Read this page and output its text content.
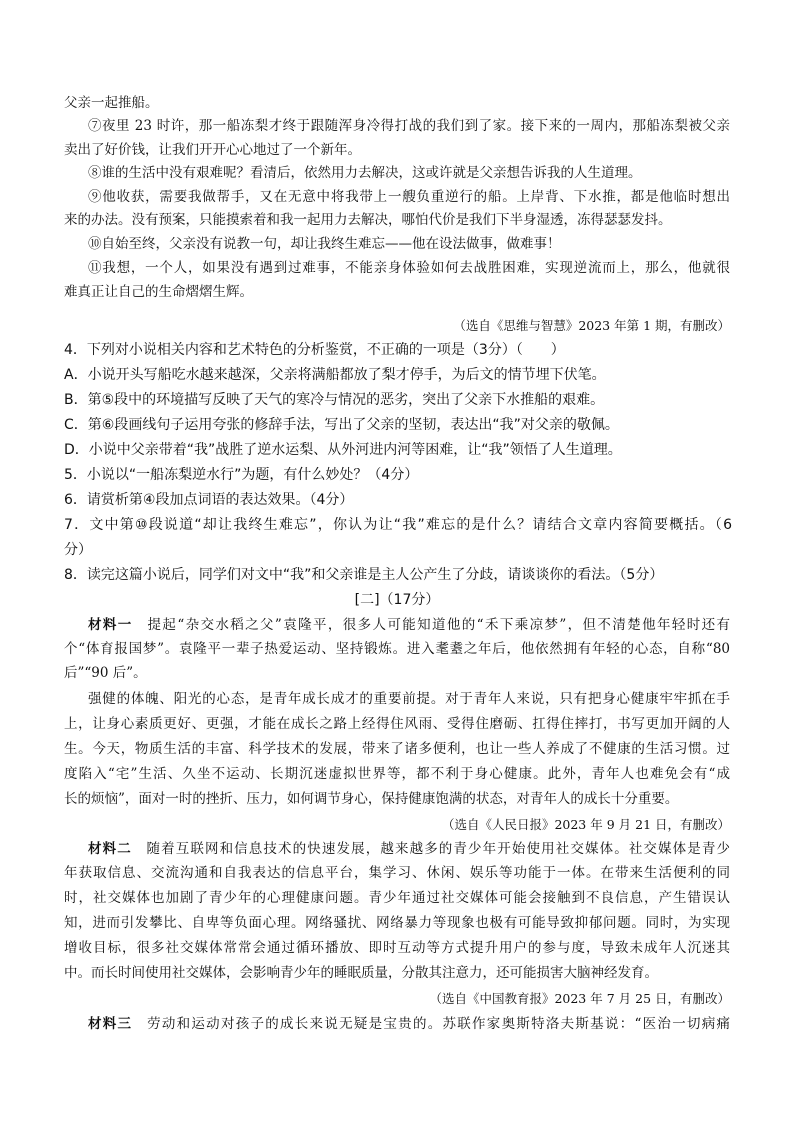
父亲一起推船。
⑦夜里 23 时许，那一船冻梨才终于跟随浑身冷得打战的我们到了家。接下来的一周内，那船冻梨被父亲
卖出了好价钱，让我们开开心心地过了一个新年。
⑧谁的生活中没有艰难呢？看清后，依然用力去解决，这或许就是父亲想告诉我的人生道理。
⑨他收获，需要我做帮手，又在无意中将我带上一艘负重逆行的船。上岸背、下水推，都是他临时想出
来的办法。没有预案，只能摸索着和我一起用力去解决，哪怕代价是我们下半身湿透，冻得瑟瑟发抖。
⑩自始至终，父亲没有说教一句，却让我终生难忘——他在设法做事，做难事！
⑪我想，一个人，如果没有遇到过难事，不能亲身体验如何去战胜困难，实现逆流而上，那么，他就很
难真正让自己的生命熠熠生辉。
（选自《思维与智慧》2023 年第 1 期，有删改）
4．下列对小说相关内容和艺术特色的分析鉴赏，不正确的一项是（3分）（　　）
A．小说开头写船吃水越来越深，父亲将满船都放了梨才停手，为后文的情节埋下伏笔。
B．第⑤段中的环境描写反映了天气的寒冷与情况的恶劣，突出了父亲下水推船的艰难。
C．第⑥段画线句子运用夸张的修辞手法，写出了父亲的坚韧，表达出“我”对父亲的敬佩。
D．小说中父亲带着“我”战胜了逆水运梨、从外河进内河等困难，让“我”领悟了人生道理。
5．小说以“一船冻梨逆水行”为题，有什么妙处？（4分）
6．请赏析第④段加点词语的表达效果。（4分）
7．文中第⑩段说道“却让我终生难忘”，你认为让“我”难忘的是什么？请结合文章内容简要概括。（6
分）
8．读完这篇小说后，同学们对文中“我”和父亲谁是主人公产生了分歧，请谈谈你的看法。（5分）
[二]（17分）
材料一　 提起“杂交水稻之父”袁隆平，很多人可能知道他的“禾下乘凉梦”，但不清楚他年轻时还有
个“体育报国梦”。袁隆平一辈子热爱运动、坚持锻炼。进入耄耋之年后，他依然拥有年轻的心态，自称“80
后”“90 后”。
强健的体魄、阳光的心态，是青年成长成才的重要前提。对于青年人来说，只有把身心健康牢牢抓在手
上，让身心素质更好、更强，才能在成长之路上经得住风雨、受得住磨砺、扛得住摔打，书写更加开阔的人
生。今天，物质生活的丰富、科学技术的发展，带来了诸多便利，也让一些人养成了不健康的生活习惯。过
度陷入“宅”生活、久坐不运动、长期沉迷虚拟世界等，都不利于身心健康。此外，青年人也难免会有“成
长的烦恼”，面对一时的挫折、压力，如何调节身心，保持健康饱满的状态，对青年人的成长十分重要。
（选自《人民日报》2023 年 9 月 21 日，有删改）
材料二　 随着互联网和信息技术的快速发展，越来越多的青少年开始使用社交媒体。社交媒体是青少
年获取信息、交流沟通和自我表达的信息平台，集学习、休闲、娱乐等功能于一体。在带来生活便利的同
时，社交媒体也加剧了青少年的心理健康问题。青少年通过社交媒体可能会接触到不良信息，产生错误认
知，进而引发攀比、自卑等负面心理。网络骚扰、网络暴力等现象也极有可能导致抑郁问题。同时，为实现
增收目标，很多社交媒体常常会通过循环播放、即时互动等方式提升用户的参与度，导致未成年人沉迷其
中。而长时间使用社交媒体，会影响青少年的睡眠质量，分散其注意力，还可能损害大脑神经发育。
（选自《中国教育报》2023 年 7 月 25 日，有删改）
材料三　 劳动和运动对孩子的成长来说无疑是宝贵的。苏联作家奥斯特洛夫斯基说：“医治一切病痛
